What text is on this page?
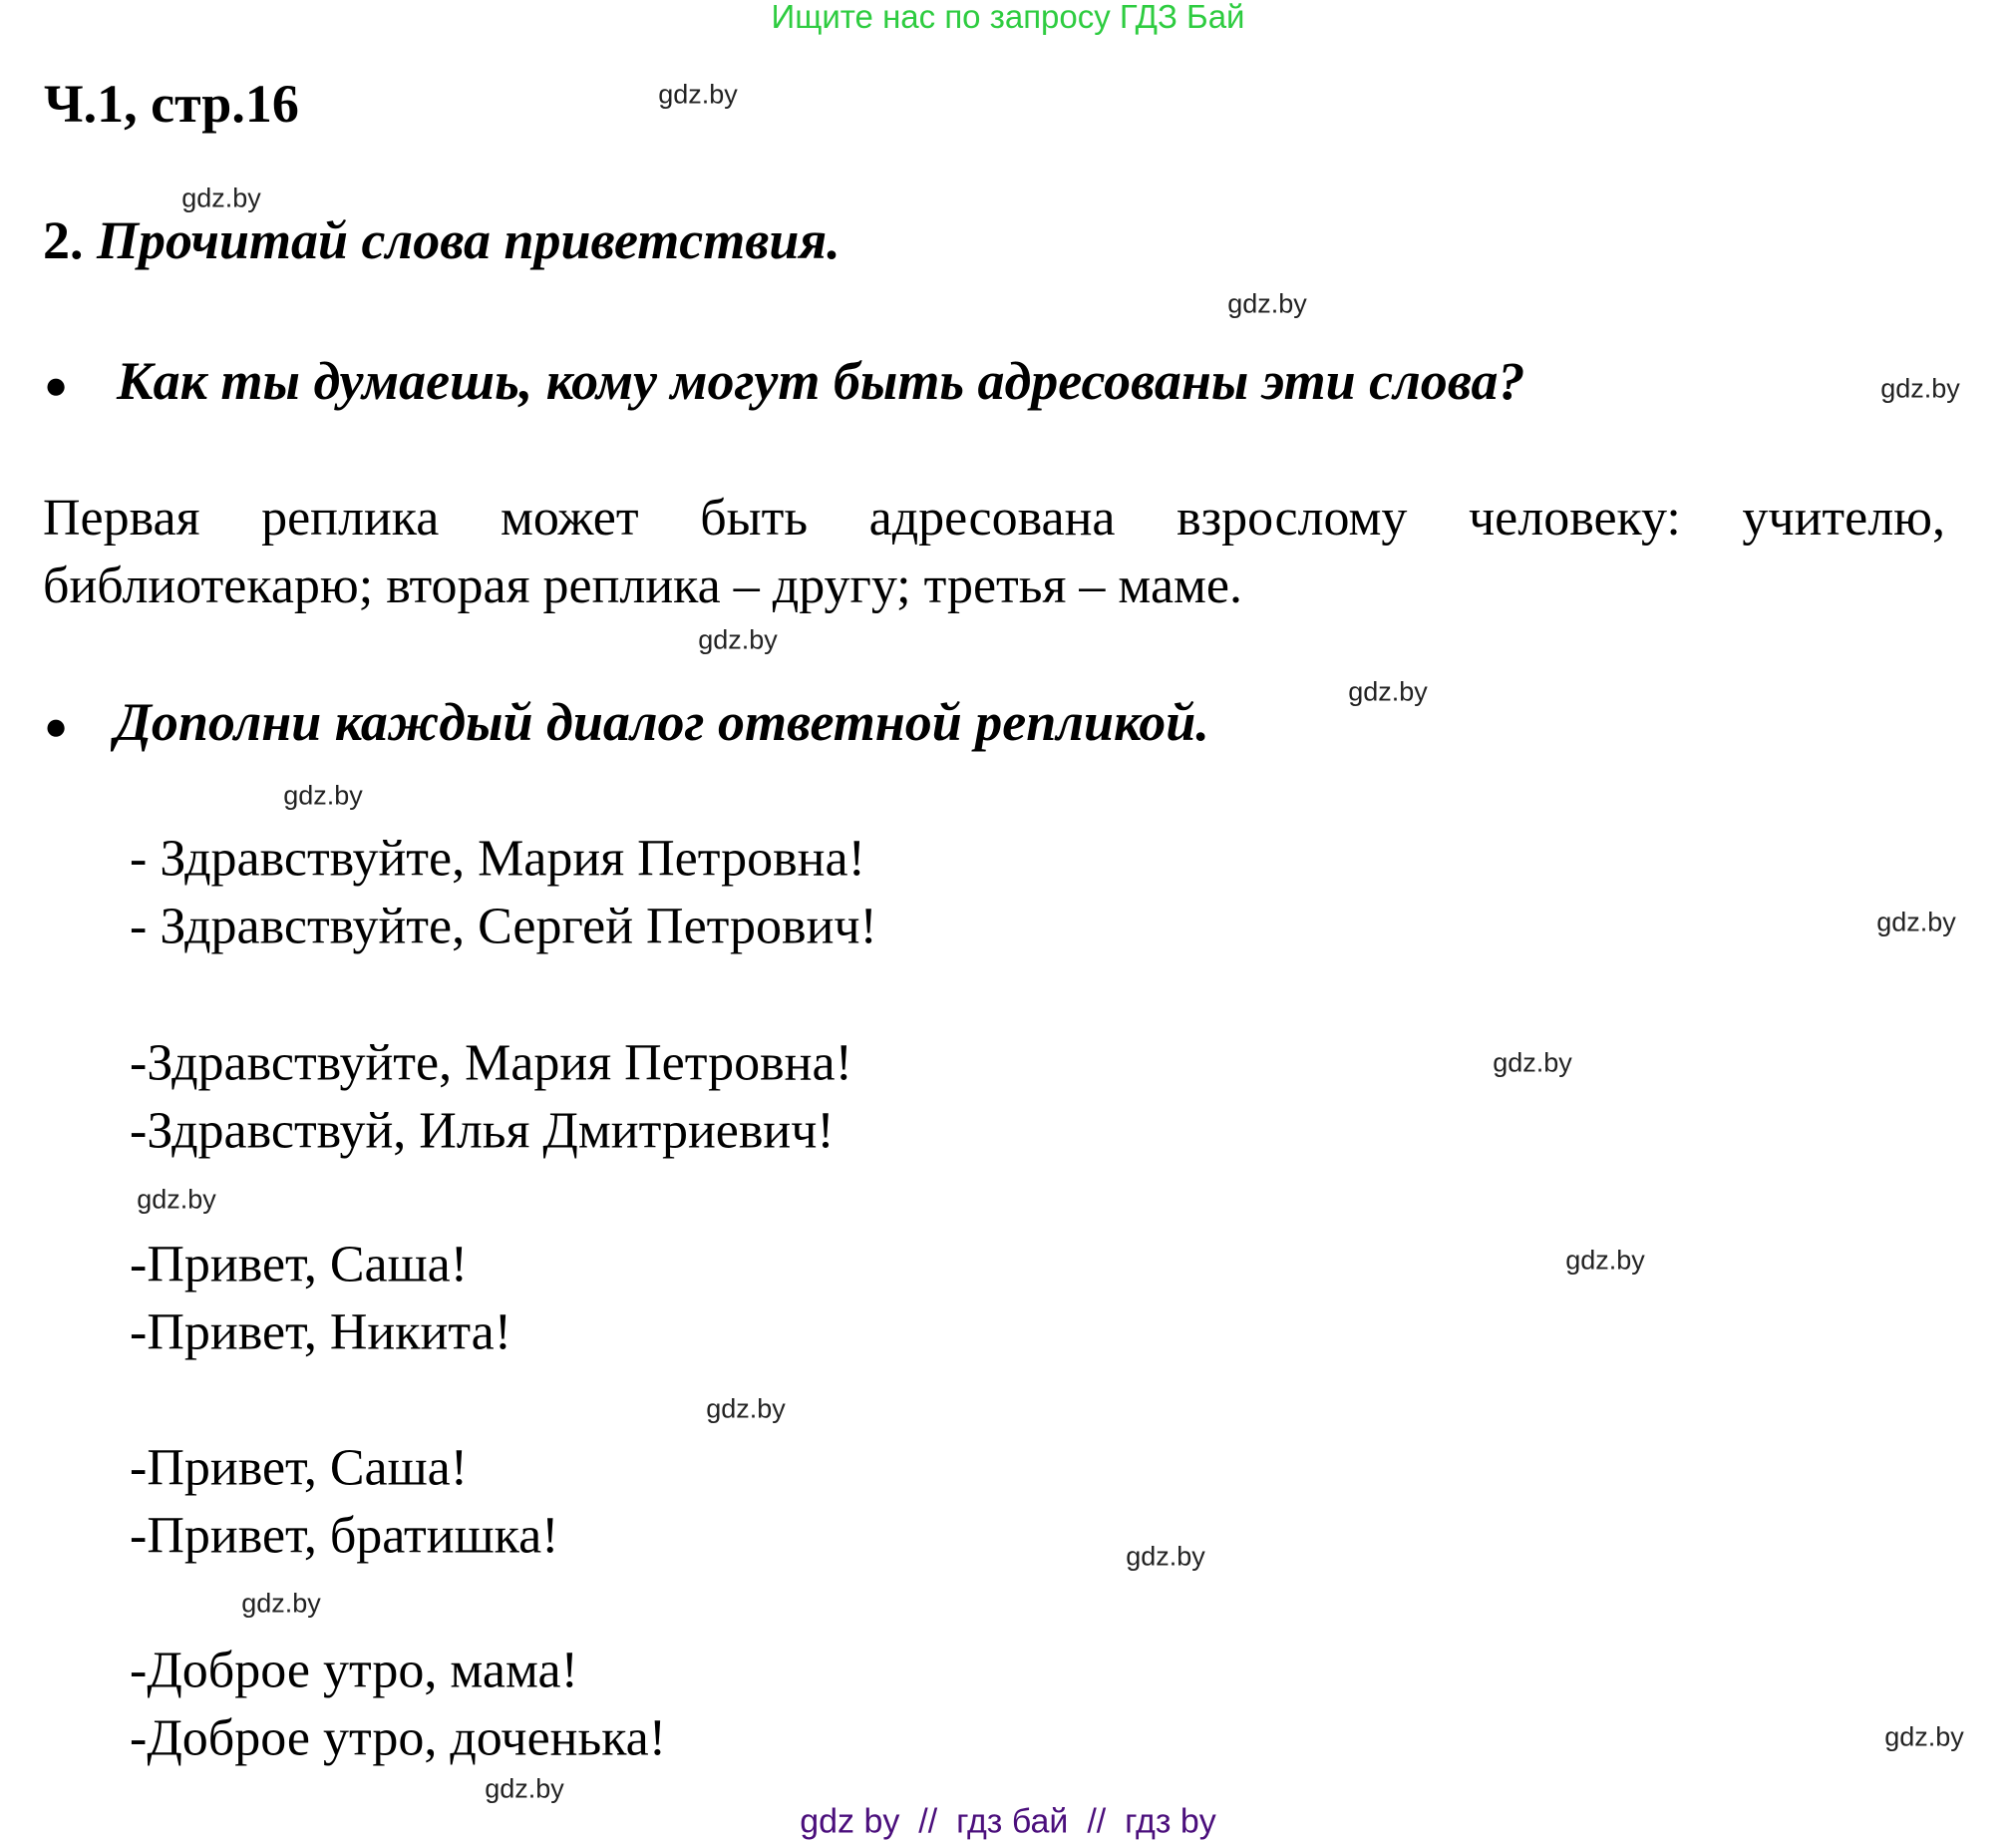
Ищите нас по запросу ГДЗ Бай
Ч.1, стр.16
2. Прочитай слова приветствия.
● Как ты думаешь, кому могут быть адресованы эти слова?
Первая реплика может быть адресована взрослому человеку: учителю, библиотекарю; вторая реплика – другу; третья – маме.
● Дополни каждый диалог ответной репликой.
- Здравствуйте, Мария Петровна!
- Здравствуйте, Сергей Петрович!
-Здравствуйте, Мария Петровна!
-Здравствуй, Илья Дмитриевич!
-Привет, Саша!
-Привет, Никита!
-Привет, Саша!
-Привет, братишка!
-Доброе утро, мама!
-Доброе утро, доченька!
gdz.by
gdz.by
gdz.by
gdz.by
gdz.by
gdz.by
gdz.by
gdz.by
gdz.by
gdz.by
gdz.by
gdz.by
gdz.by
gdz.by
gdz.by
gdz.by
gdz by  //  гдз бай  //  гдз by
